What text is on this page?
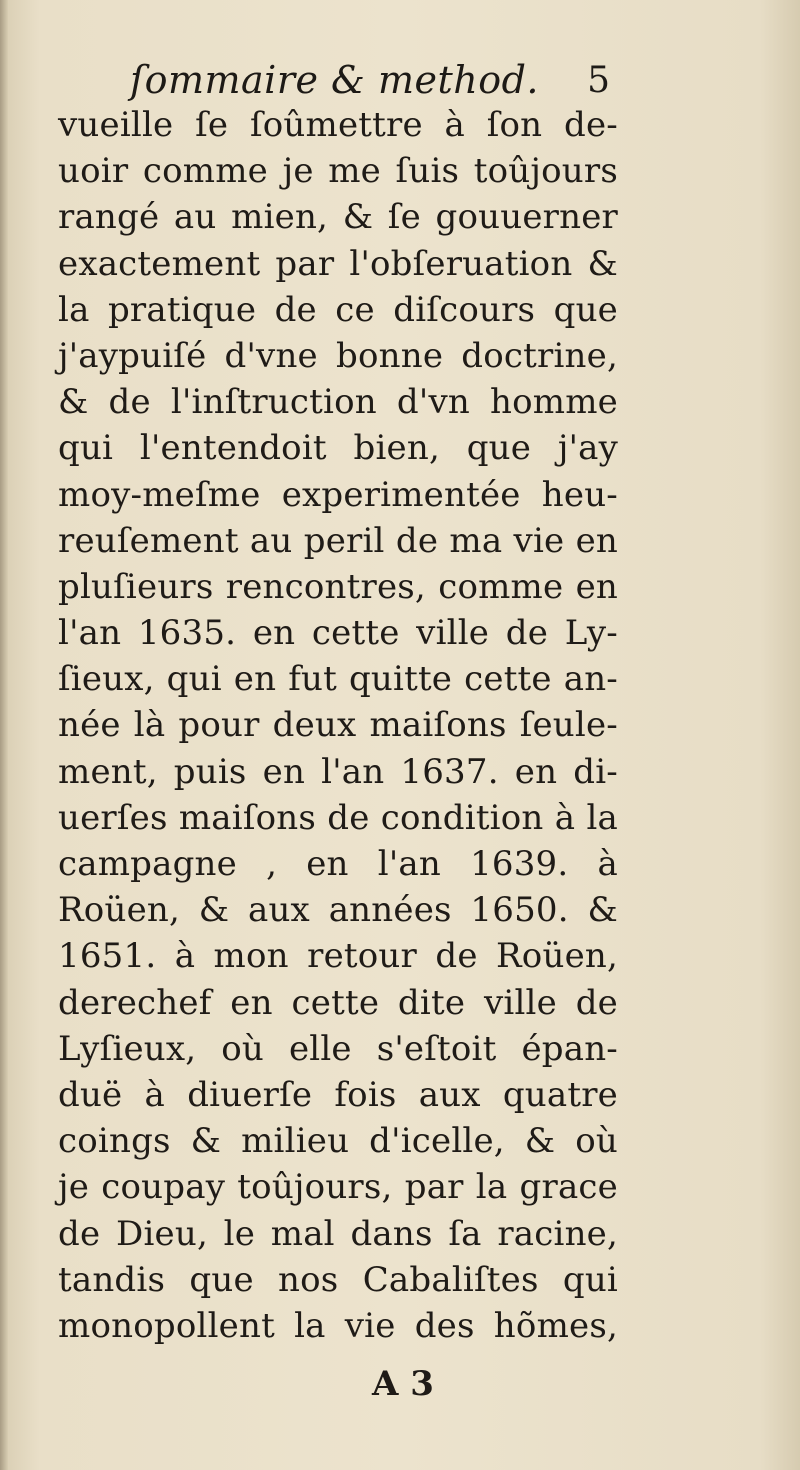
ſommaire & method. 5
vueille ſe ſoûmettre à ſon de-
uoir comme je me ſuis toûjours
rangé au mien, & ſe gouuerner
exactement par l'obſeruation &
la pratique de ce diſcours que
j'aypuiſé d'vne bonne doctrine,
& de l'inſtruction d'vn homme
qui l'entendoit bien, que j'ay
moy-meſme experimentée heu-
reuſement au peril de ma vie en
pluſieurs rencontres, comme en
l'an 1635. en cette ville de Ly-
ſieux, qui en fut quitte cette an-
née là pour deux maiſons ſeule-
ment, puis en l'an 1637. en di-
uerſes maiſons de condition à la
campagne , en l'an 1639. à
Roüen, & aux années 1650. &
1651. à mon retour de Roüen,
derechef en cette dite ville de
Lyſieux, où elle s'eſtoit épan-
duë à diuerſe fois aux quatre
coings & milieu d'icelle, & où
je coupay toûjours, par la grace
de Dieu, le mal dans ſa racine,
tandis que nos Cabaliſtes qui
monopollent la vie des hõmes,
A 3
